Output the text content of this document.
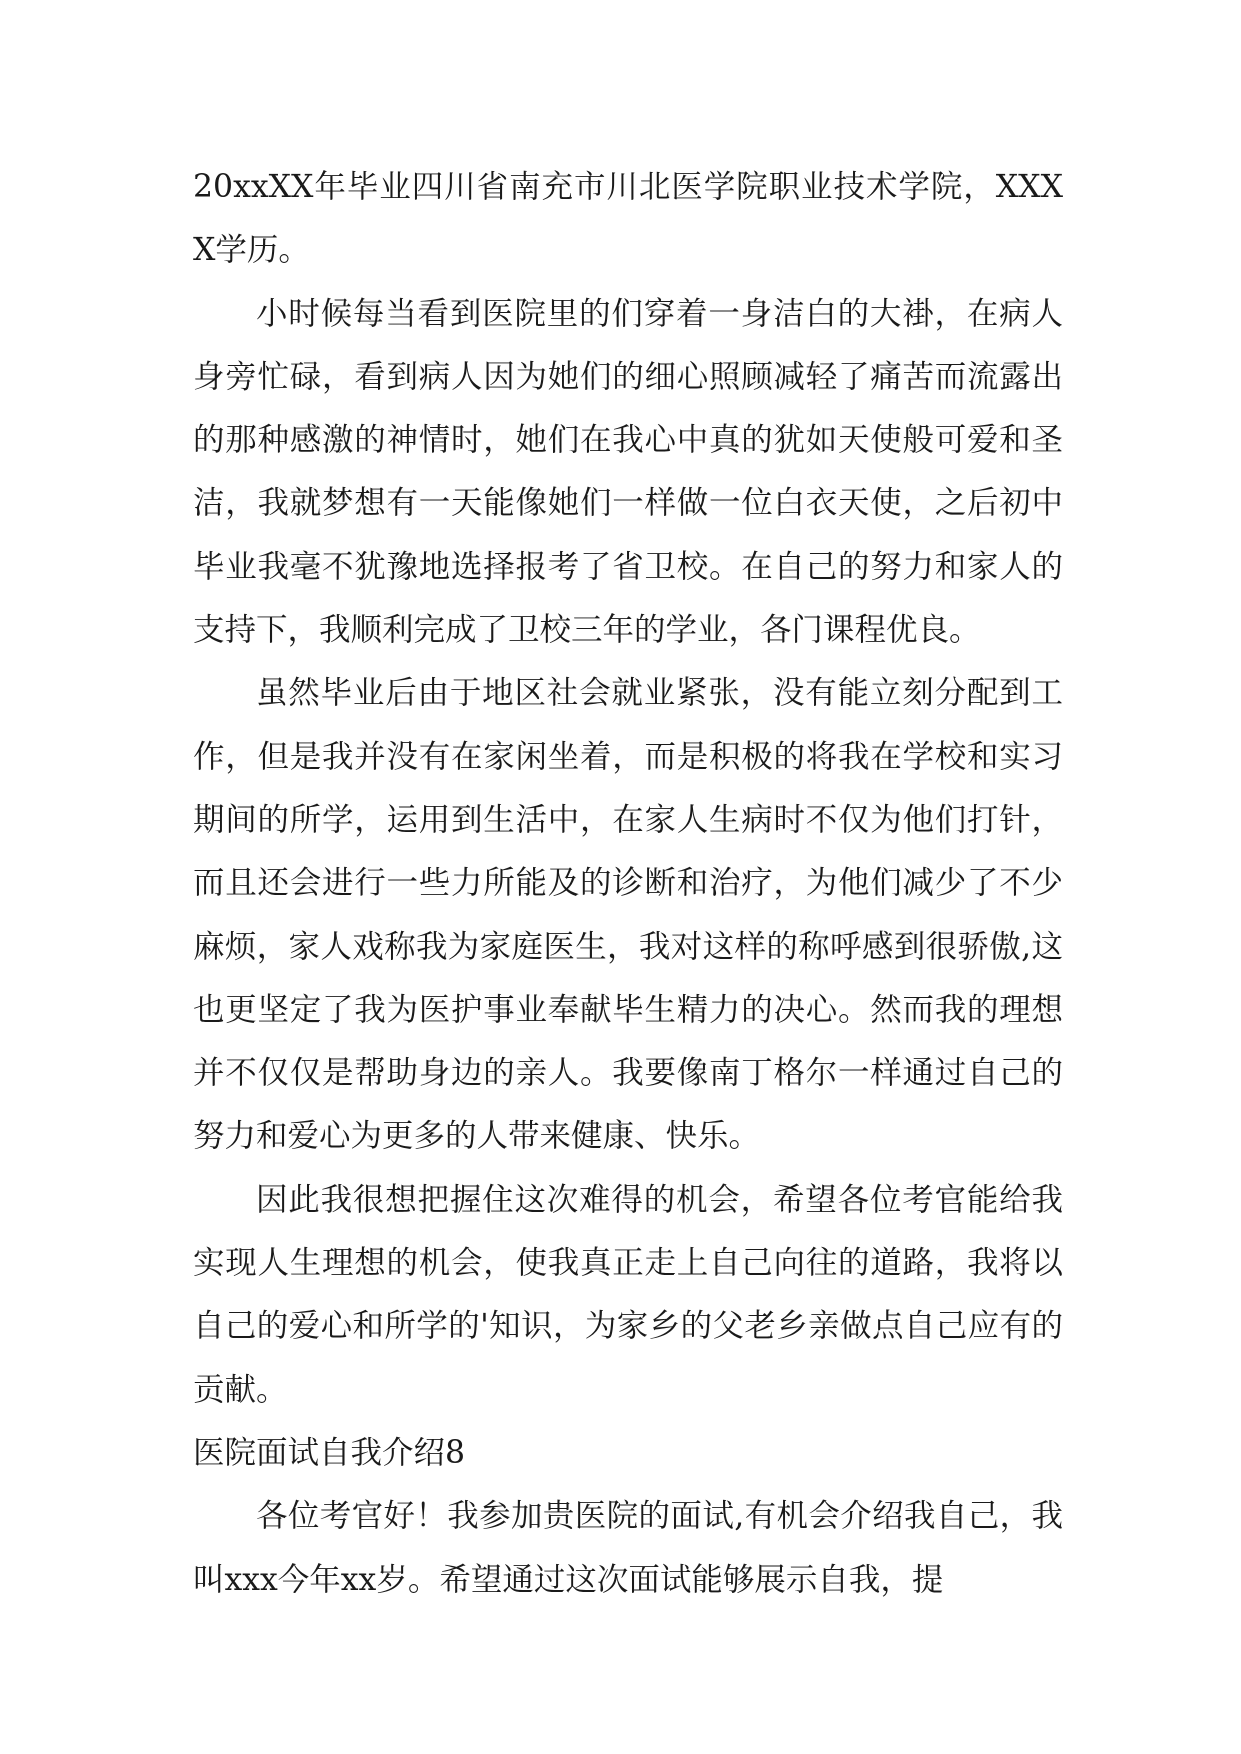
20xxXX年毕业四川省南充市川北医学院职业技术学院，XXXX学历。

小时候每当看到医院里的们穿着一身洁白的大褂，在病人身旁忙碌，看到病人因为她们的细心照顾减轻了痛苦而流露出的那种感激的神情时，她们在我心中真的犹如天使般可爱和圣洁，我就梦想有一天能像她们一样做一位白衣天使，之后初中毕业我毫不犹豫地选择报考了省卫校。在自己的努力和家人的支持下，我顺利完成了卫校三年的学业，各门课程优良。

虽然毕业后由于地区社会就业紧张，没有能立刻分配到工作，但是我并没有在家闲坐着，而是积极的将我在学校和实习期间的所学，运用到生活中，在家人生病时不仅为他们打针，而且还会进行一些力所能及的诊断和治疗，为他们减少了不少麻烦，家人戏称我为家庭医生，我对这样的称呼感到很骄傲,这也更坚定了我为医护事业奉献毕生精力的决心。然而我的理想并不仅仅是帮助身边的亲人。我要像南丁格尔一样通过自己的努力和爱心为更多的人带来健康、快乐。

因此我很想把握住这次难得的机会，希望各位考官能给我实现人生理想的机会，使我真正走上自己向往的道路，我将以自己的爱心和所学的'知识，为家乡的父老乡亲做点自己应有的贡献。

医院面试自我介绍8

各位考官好！我参加贵医院的面试,有机会介绍我自己，我叫xxx今年xx岁。希望通过这次面试能够展示自我，提
